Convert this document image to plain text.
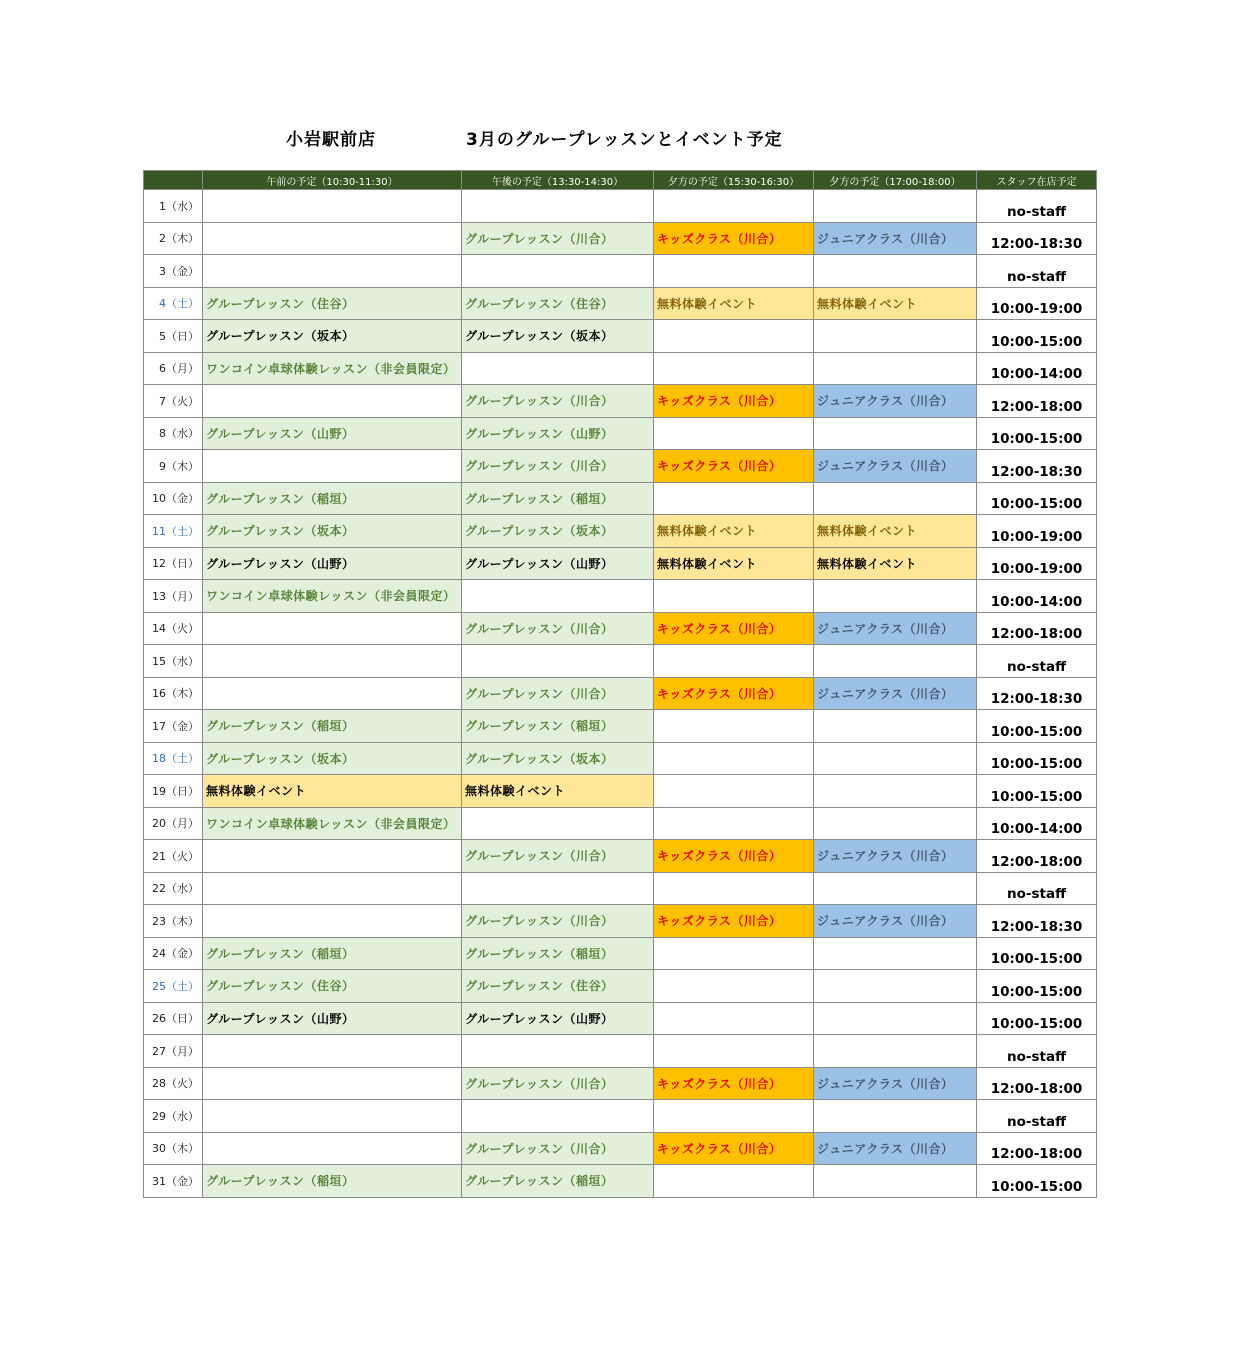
小岩駅前店	3月のグループレッスンとイベント予定
	午前の予定（10:30-11:30）	午後の予定（13:30-14:30）	夕方の予定（15:30-16:30）	夕方の予定（17:00-18:00）	スタッフ在店予定
1（水）					no-staff
2（木）		グループレッスン（川合）	キッズクラス（川合）	ジュニアクラス（川合）	12:00-18:30
3（金）					no-staff
4（土）	グループレッスン（住谷）	グループレッスン（住谷）	無料体験イベント	無料体験イベント	10:00-19:00
5（日）	グループレッスン（坂本）	グループレッスン（坂本）			10:00-15:00
6（月）	ワンコイン卓球体験レッスン（非会員限定）				10:00-14:00
7（火）		グループレッスン（川合）	キッズクラス（川合）	ジュニアクラス（川合）	12:00-18:00
8（水）	グループレッスン（山野）	グループレッスン（山野）			10:00-15:00
9（木）		グループレッスン（川合）	キッズクラス（川合）	ジュニアクラス（川合）	12:00-18:30
10（金）	グループレッスン（稲垣）	グループレッスン（稲垣）			10:00-15:00
11（土）	グループレッスン（坂本）	グループレッスン（坂本）	無料体験イベント	無料体験イベント	10:00-19:00
12（日）	グループレッスン（山野）	グループレッスン（山野）	無料体験イベント	無料体験イベント	10:00-19:00
13（月）	ワンコイン卓球体験レッスン（非会員限定）				10:00-14:00
14（火）		グループレッスン（川合）	キッズクラス（川合）	ジュニアクラス（川合）	12:00-18:00
15（水）					no-staff
16（木）		グループレッスン（川合）	キッズクラス（川合）	ジュニアクラス（川合）	12:00-18:30
17（金）	グループレッスン（稲垣）	グループレッスン（稲垣）			10:00-15:00
18（土）	グループレッスン（坂本）	グループレッスン（坂本）			10:00-15:00
19（日）	無料体験イベント	無料体験イベント			10:00-15:00
20（月）	ワンコイン卓球体験レッスン（非会員限定）				10:00-14:00
21（火）		グループレッスン（川合）	キッズクラス（川合）	ジュニアクラス（川合）	12:00-18:00
22（水）					no-staff
23（木）		グループレッスン（川合）	キッズクラス（川合）	ジュニアクラス（川合）	12:00-18:30
24（金）	グループレッスン（稲垣）	グループレッスン（稲垣）			10:00-15:00
25（土）	グループレッスン（住谷）	グループレッスン（住谷）			10:00-15:00
26（日）	グループレッスン（山野）	グループレッスン（山野）			10:00-15:00
27（月）					no-staff
28（火）		グループレッスン（川合）	キッズクラス（川合）	ジュニアクラス（川合）	12:00-18:00
29（水）					no-staff
30（木）		グループレッスン（川合）	キッズクラス（川合）	ジュニアクラス（川合）	12:00-18:00
31（金）	グループレッスン（稲垣）	グループレッスン（稲垣）			10:00-15:00
